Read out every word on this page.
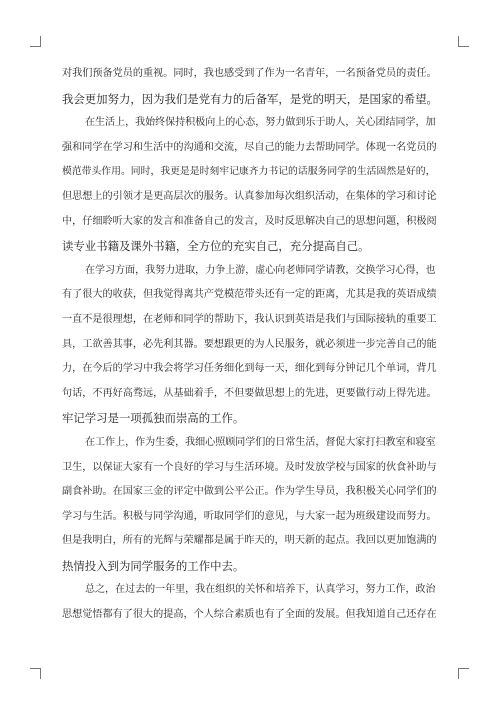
对我们预备党员的重视。同时，我也感受到了作为一名青年，一名预备党员的责任。
我会更加努力，因为我们是党有力的后备军，是党的明天，是国家的希望。

在生活上，我始终保持积极向上的心态，努力做到乐于助人，关心团结同学，加
强和同学在学习和生活中的沟通和交流，尽自己的能力去帮助同学。体现一名党员的
模范带头作用。同时，我更是是时刻牢记康齐力书记的话服务同学的生活固然是好的，
但思想上的引领才是更高层次的服务。认真参加每次组织活动，在集体的学习和讨论
中，仔细聆听大家的发言和准备自己的发言，及时反思解决自己的思想问题，积极阅
读专业书籍及课外书籍，全方位的充实自己，充分提高自己。

在学习方面，我努力进取，力争上游，虚心向老师同学请教，交换学习心得，也
有了很大的收获，但我觉得离共产党模范带头还有一定的距离，尤其是我的英语成绩
一直不是很理想，在老师和同学的帮助下，我认识到英语是我们与国际接轨的重要工
具，工欲善其事，必先利其器。要想跟更的为人民服务，就必须进一步完善自己的能
力，在今后的学习中我会将学习任务细化到每一天，细化到每分钟记几个单词，背几
句话，不再好高骛远，从基础着手，不但要做思想上的先进，更要做行动上得先进。
牢记学习是一项孤独而崇高的工作。

在工作上，作为生委，我细心照顾同学们的日常生活，督促大家打扫教室和寝室
卫生，以保证大家有一个良好的学习与生活环境。及时发放学校与国家的伙食补助与
副食补助。在国家三金的评定中做到公平公正。作为学生导员，我积极关心同学们的
学习与生活。积极与同学沟通，听取同学们的意见，与大家一起为班级建设而努力。
但是我明白，所有的光辉与荣耀都是属于昨天的，明天新的起点。我回以更加饱满的
热情投入到为同学服务的工作中去。

总之，在过去的一年里，我在组织的关怀和培养下，认真学习，努力工作，政治
思想觉悟都有了很大的提高，个人综合素质也有了全面的发展。但我知道自己还存在
